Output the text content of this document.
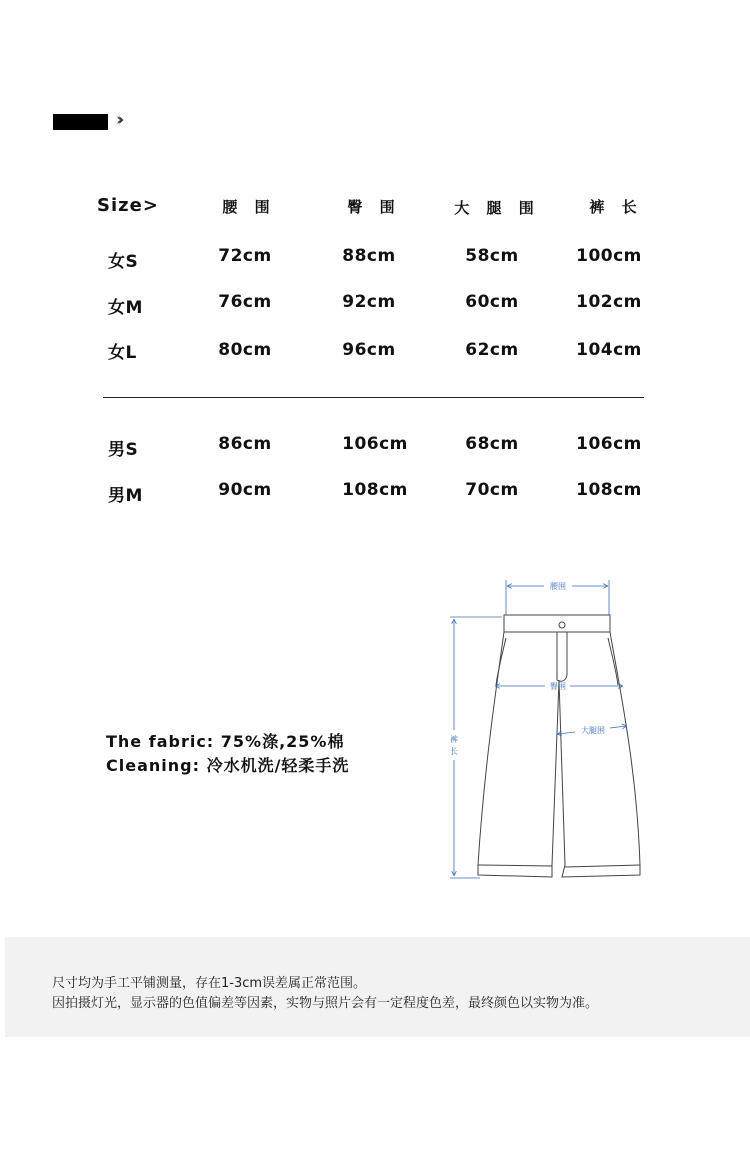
››
Size>	腰 围	臀 围	大 腿 围	裤 长
女S	72cm	88cm	58cm	100cm
女M	76cm	92cm	60cm	102cm
女L	80cm	96cm	62cm	104cm
男S	86cm	106cm	68cm	106cm
男M	90cm	108cm	70cm	108cm
The fabric: 75%涤,25%棉
Cleaning: 冷水机洗/轻柔手洗
腰围
裤
长
臀围
大腿围
尺寸均为手工平铺测量，存在1-3cm误差属正常范围。
因拍摄灯光，显示器的色值偏差等因素，实物与照片会有一定程度色差，最终颜色以实物为准。
